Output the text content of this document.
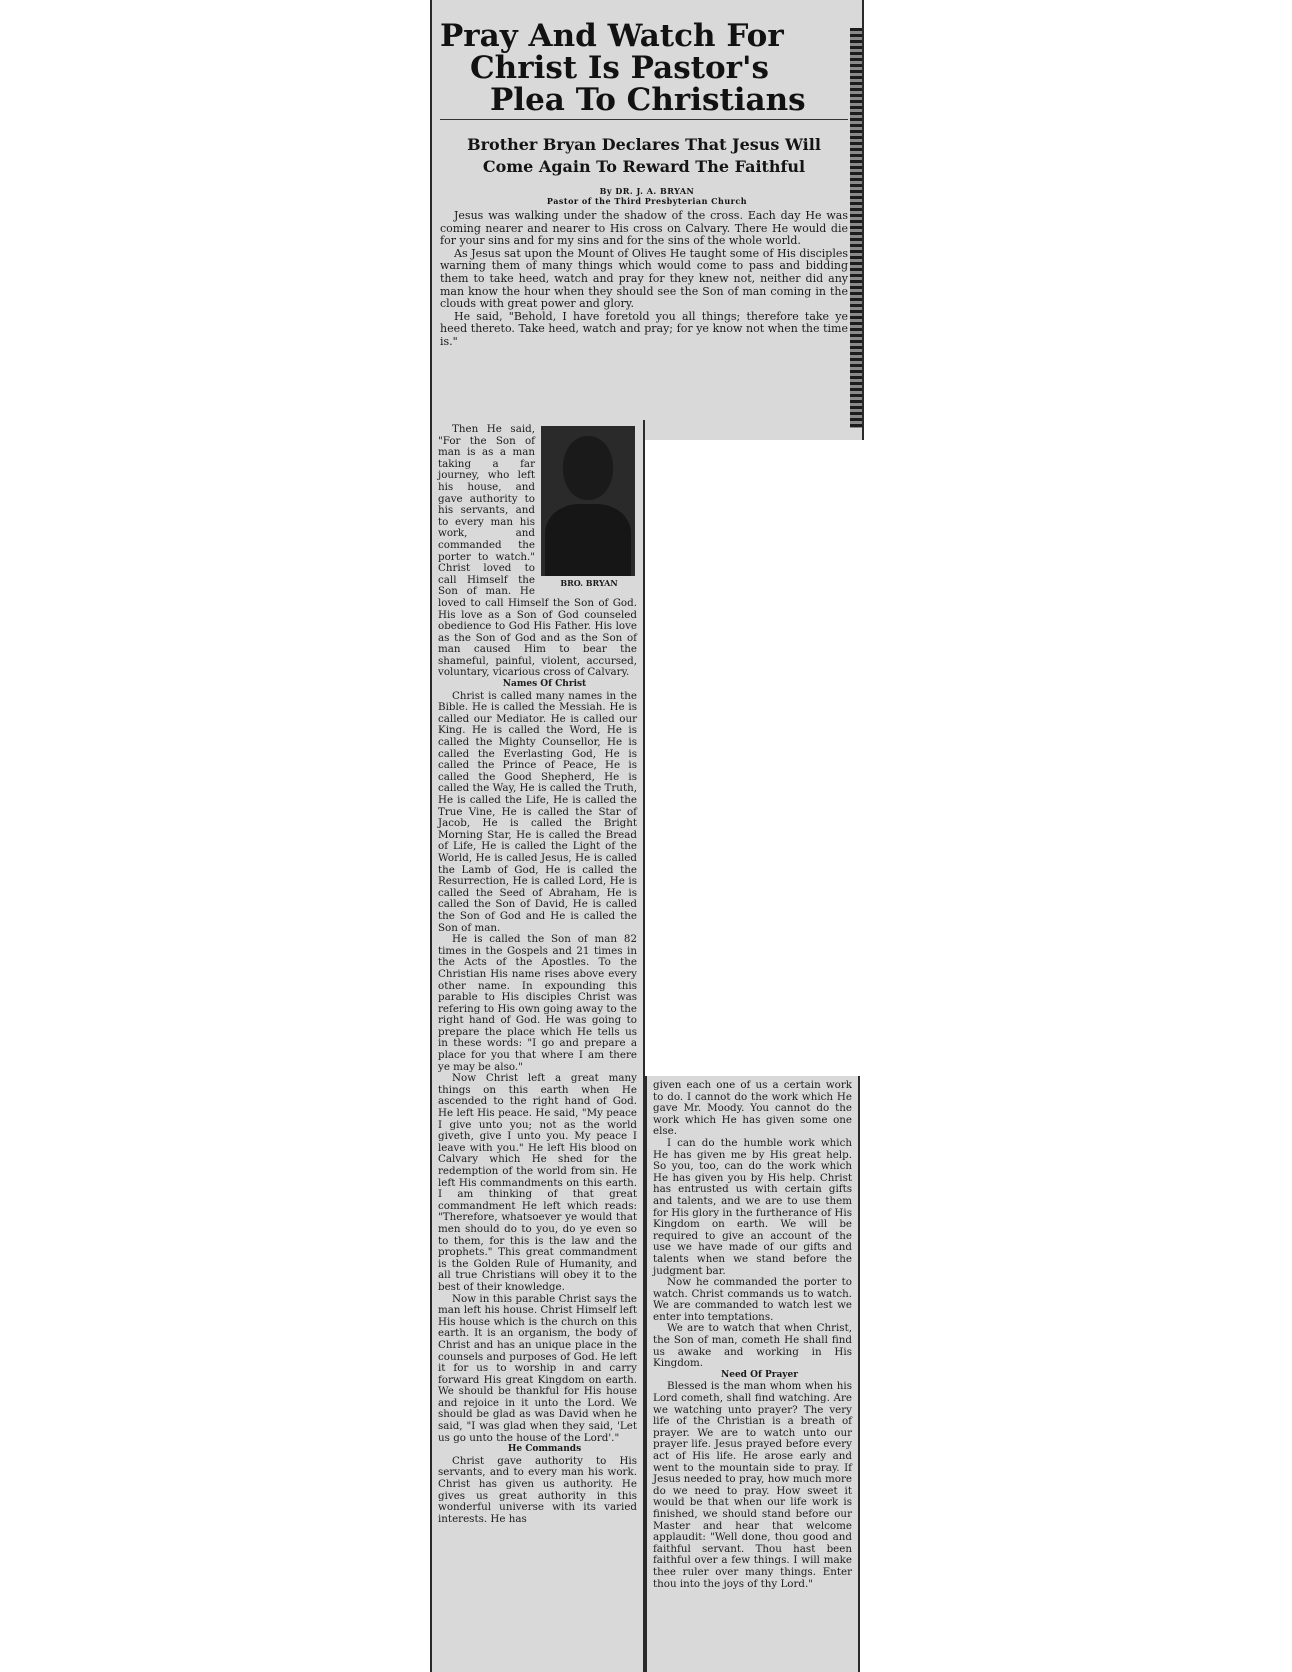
Pray And Watch For
Christ Is Pastor's
Plea To Christians
Brother Bryan Declares That Jesus Will Come Again To Reward The Faithful
By DR. J. A. BRYAN
Pastor of the Third Presbyterian Church

Jesus was walking under the shadow of the cross. Each day He was coming nearer and nearer to His cross on Calvary. There He would die for your sins and for my sins and for the sins of the whole world.

As Jesus sat upon the Mount of Olives He taught some of His disciples warning them of many things which would come to pass and bidding them to take heed, watch and pray for they knew not, neither did any man know the hour when they should see the Son of man coming in the clouds with great power and glory.

He said, "Behold, I have foretold you all things; therefore take ye heed thereto. Take heed, watch and pray; for ye know not when the time is."

BRO. BRYAN

Then He said, "For the Son of man is as a man taking a far journey, who left his house, and gave authority to his servants, and to every man his work, and commanded the porter to watch." Christ loved to call Himself the Son of man. He loved to call Himself the Son of God. His love as a Son of God counseled obedience to God His Father. His love as the Son of God and as the Son of man caused Him to bear the shameful, painful, violent, accursed, voluntary, vicarious cross of Calvary.

Names Of Christ

Christ is called many names in the Bible. He is called the Messiah. He is called our Mediator. He is called our King. He is called the Word, He is called the Mighty Counsellor, He is called the Everlasting God, He is called the Prince of Peace, He is called the Good Shepherd, He is called the Way, He is called the Truth, He is called the Life, He is called the True Vine, He is called the Star of Jacob, He is called the Bright Morning Star, He is called the Bread of Life, He is called the Light of the World, He is called Jesus, He is called the Lamb of God, He is called the Resurrection, He is called Lord, He is called the Seed of Abraham, He is called the Son of David, He is called the Son of God and He is called the Son of man.

He is called the Son of man 82 times in the Gospels and 21 times in the Acts of the Apostles. To the Christian His name rises above every other name. In expounding this parable to His disciples Christ was refering to His own going away to the right hand of God. He was going to prepare the place which He tells us in these words: "I go and prepare a place for you that where I am there ye may be also."

Now Christ left a great many things on this earth when He ascended to the right hand of God. He left His peace. He said, "My peace I give unto you; not as the world giveth, give I unto you. My peace I leave with you." He left His blood on Calvary which He shed for the redemption of the world from sin. He left His commandments on this earth. I am thinking of that great commandment He left which reads: "Therefore, whatsoever ye would that men should do to you, do ye even so to them, for this is the law and the prophets." This great commandment is the Golden Rule of Humanity, and all true Christians will obey it to the best of their knowledge.

Now in this parable Christ says the man left his house. Christ Himself left His house which is the church on this earth. It is an organism, the body of Christ and has an unique place in the counsels and purposes of God. He left it for us to worship in and carry forward His great Kingdom on earth. We should be thankful for His house and rejoice in it unto the Lord. We should be glad as was David when he said, "I was glad when they said, 'Let us go unto the house of the Lord'."

He Commands

Christ gave authority to His servants, and to every man his work. Christ has given us authority. He gives us great authority in this wonderful universe with its varied interests. He has

given each one of us a certain work to do. I cannot do the work which He gave Mr. Moody. You cannot do the work which He has given some one else.

I can do the humble work which He has given me by His great help. So you, too, can do the work which He has given you by His help. Christ has entrusted us with certain gifts and talents, and we are to use them for His glory in the furtherance of His Kingdom on earth. We will be required to give an account of the use we have made of our gifts and talents when we stand before the judgment bar.

Now he commanded the porter to watch. Christ commands us to watch. We are commanded to watch lest we enter into temptations.

We are to watch that when Christ, the Son of man, cometh He shall find us awake and working in His Kingdom.

Need Of Prayer

Blessed is the man whom when his Lord cometh, shall find watching. Are we watching unto prayer? The very life of the Christian is a breath of prayer. We are to watch unto our prayer life. Jesus prayed before every act of His life. He arose early and went to the mountain side to pray. If Jesus needed to pray, how much more do we need to pray. How sweet it would be that when our life work is finished, we should stand before our Master and hear that welcome applaudit: "Well done, thou good and faithful servant. Thou hast been faithful over a few things. I will make thee ruler over many things. Enter thou into the joys of thy Lord."
